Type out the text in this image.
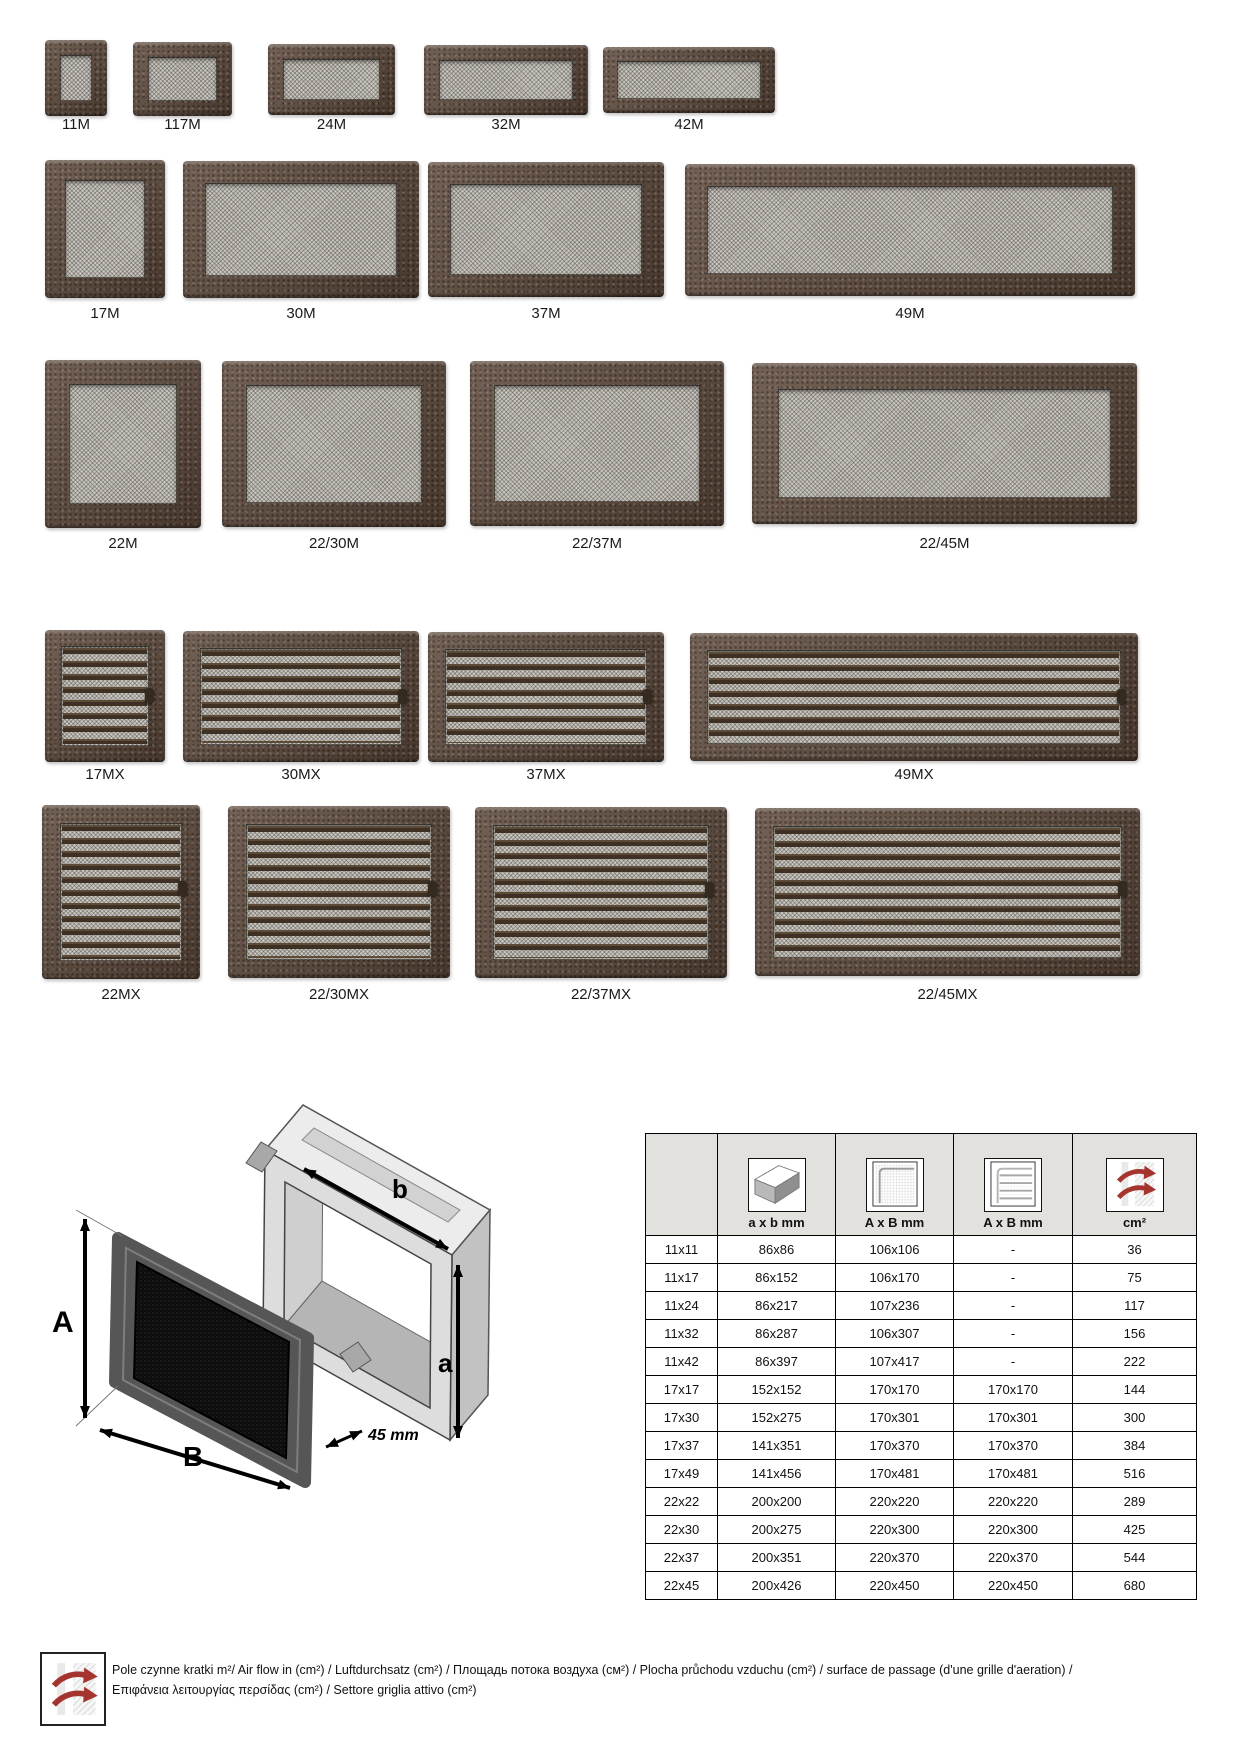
11M	117M	24M	32M	42M
17M	30M	37M	49M
22M	22/30M	22/37M	22/45M
17MX	30MX	37MX	49MX
22MX	22/30MX	22/37MX	22/45MX
A
B
b
a
45 mm

	a x b mm	A x B mm	A x B mm	cm²

11x11	86x86	106x106	-	36
11x17	86x152	106x170	-	75
11x24	86x217	107x236	-	117
11x32	86x287	106x307	-	156
11x42	86x397	107x417	-	222
17x17	152x152	170x170	170x170	144
17x30	152x275	170x301	170x301	300
17x37	141x351	170x370	170x370	384
17x49	141x456	170x481	170x481	516
22x22	200x200	220x220	220x220	289
22x30	200x275	220x300	220x300	425
22x37	200x351	220x370	220x370	544
22x45	200x426	220x450	220x450	680
Pole czynne kratki m²/ Air flow in (cm²) / Luftdurchsatz (cm²) / Площадь потока воздуха (см²) / Plocha průchodu vzduchu (cm²) / surface de passage (d'une grille d'aeration) /
Επιφάνεια λειτουργίας περσίδας (cm²) / Settore griglia attivo (cm²)
